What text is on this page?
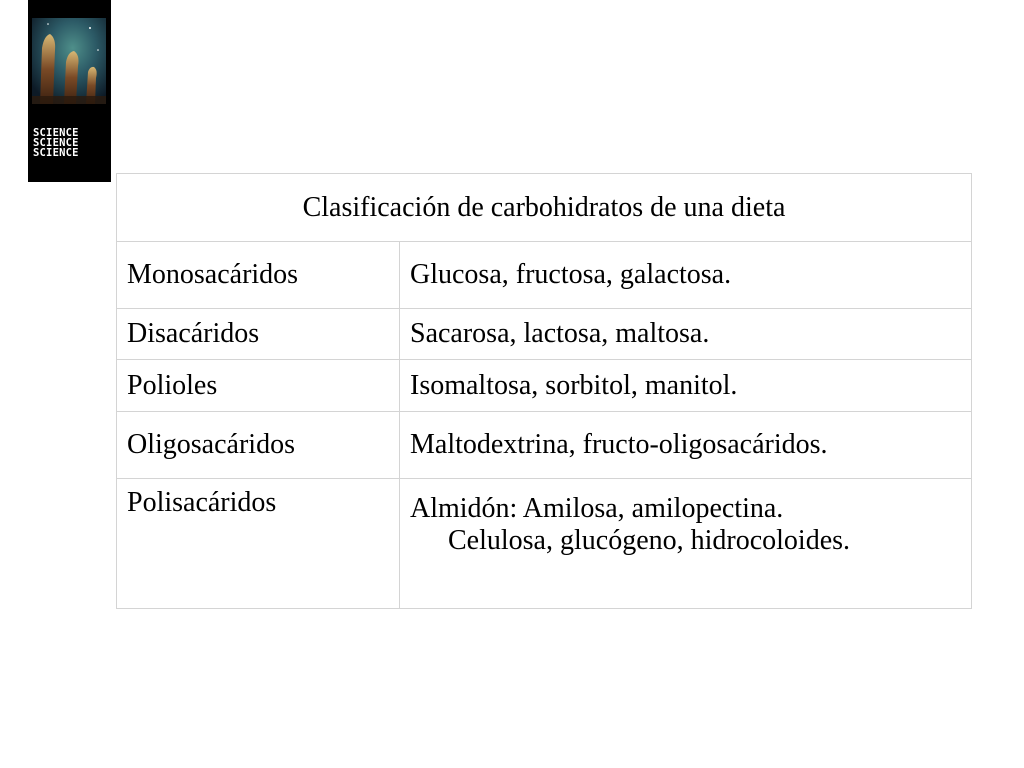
SCIENCE
SCIENCE
SCIENCE
Clasificación de carbohidratos de una dieta	
Monosacáridos	Glucosa, fructosa, galactosa.
Disacáridos	Sacarosa, lactosa, maltosa.
Polioles	Isomaltosa, sorbitol, manitol.
Oligosacáridos	Maltodextrina, fructo-oligosacáridos.
Polisacáridos	Almidón: Amilosa, amilopectina.
Celulosa, glucógeno, hidrocoloides.
